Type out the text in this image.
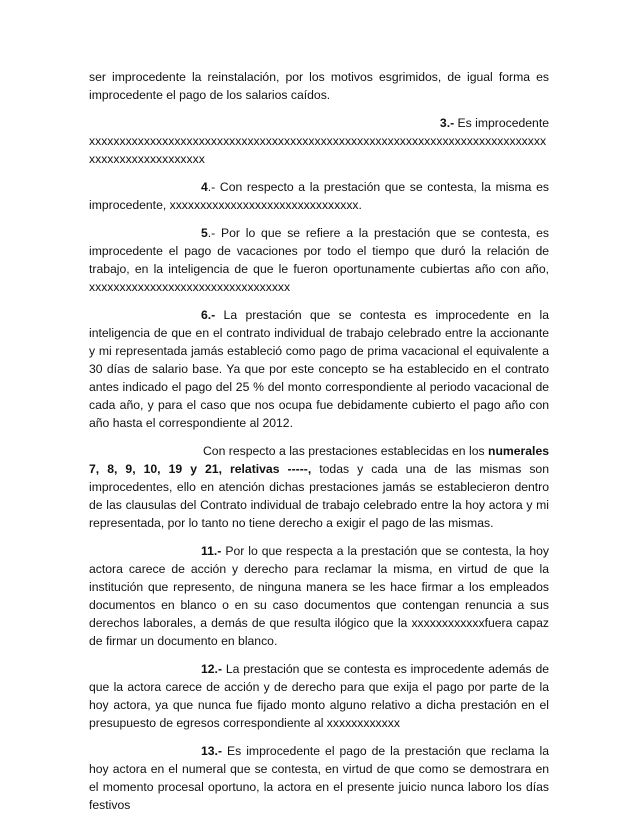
ser improcedente la reinstalación, por los motivos esgrimidos, de igual forma es improcedente el pago de los salarios caídos.

3.- Es improcedente

xxxxxxxxxxxxxxxxxxxxxxxxxxxxxxxxxxxxxxxxxxxxxxxxxxxxxxxxxxxxxxxxxxxxxxxxxxxxxxxxxxxxxxxxxxxxxx

4.- Con respecto a la prestación que se contesta, la misma es improcedente, xxxxxxxxxxxxxxxxxxxxxxxxxxxxxxx.

5.- Por lo que se refiere a la prestación que se contesta, es improcedente el pago de vacaciones por todo el tiempo que duró la relación de trabajo, en la inteligencia de que le fueron oportunamente cubiertas año con año, xxxxxxxxxxxxxxxxxxxxxxxxxxxxxxxxx

6.- La prestación que se contesta es improcedente en la inteligencia de que en el contrato individual de trabajo celebrado entre la accionante y mi representada jamás estableció como pago de prima vacacional el equivalente a 30 días de salario base. Ya que por este concepto se ha establecido en el contrato antes indicado el pago del 25 % del monto correspondiente al periodo vacacional de cada año, y para el caso que nos ocupa fue debidamente cubierto el pago año con año hasta el correspondiente al 2012.

Con respecto a las prestaciones establecidas en los numerales 7, 8, 9, 10, 19 y 21, relativas -----, todas y cada una de las mismas son improcedentes, ello en atención dichas prestaciones jamás se establecieron dentro de las clausulas del Contrato individual de trabajo celebrado entre la hoy actora y mi representada, por lo tanto no tiene derecho a exigir el pago de las mismas.

11.- Por lo que respecta a la prestación que se contesta, la hoy actora carece de acción y derecho para reclamar la misma, en virtud de que la institución que represento, de ninguna manera se les hace firmar a los empleados documentos en blanco o en su caso documentos que contengan renuncia a sus derechos laborales, a demás de que resulta ilógico que la xxxxxxxxxxxxfuera capaz de firmar un documento en blanco.

12.- La prestación que se contesta es improcedente además de que la actora carece de acción y de derecho para que exija el pago por parte de la hoy actora, ya que nunca fue fijado monto alguno relativo a dicha prestación en el presupuesto de egresos correspondiente al xxxxxxxxxxxx

13.- Es improcedente el pago de la prestación que reclama la hoy actora en el numeral que se contesta, en virtud de que como se demostrara en el momento procesal oportuno, la actora en el presente juicio nunca laboro los días festivos
